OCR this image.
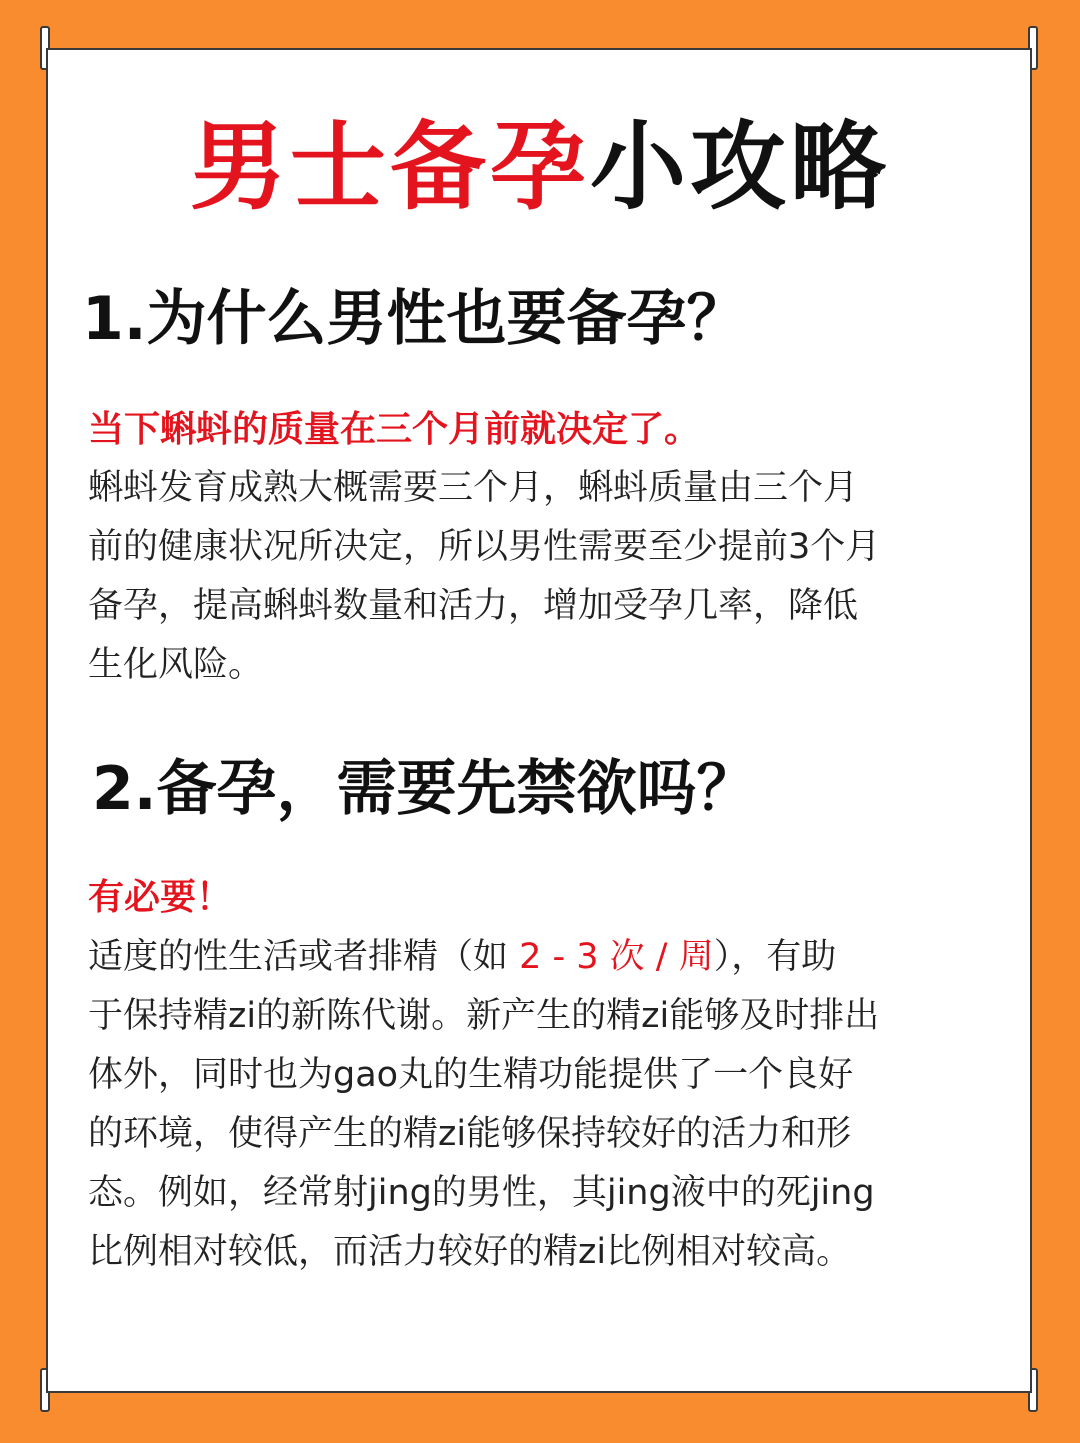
男士备孕小攻略
1.为什么男性也要备孕？
当下蝌蚪的质量在三个月前就决定了。
蝌蚪发育成熟大概需要三个月，蝌蚪质量由三个月
前的健康状况所决定，所以男性需要至少提前3个月
备孕，提高蝌蚪数量和活力，增加受孕几率，降低
生化风险。
2.备孕，需要先禁欲吗？
有必要！
适度的性生活或者排精（如 2 - 3 次 / 周），有助
于保持精zi的新陈代谢。新产生的精zi能够及时排出
体外，同时也为gao丸的生精功能提供了一个良好
的环境，使得产生的精zi能够保持较好的活力和形
态。例如，经常射jing的男性，其jing液中的死jing
比例相对较低，而活力较好的精zi比例相对较高。
